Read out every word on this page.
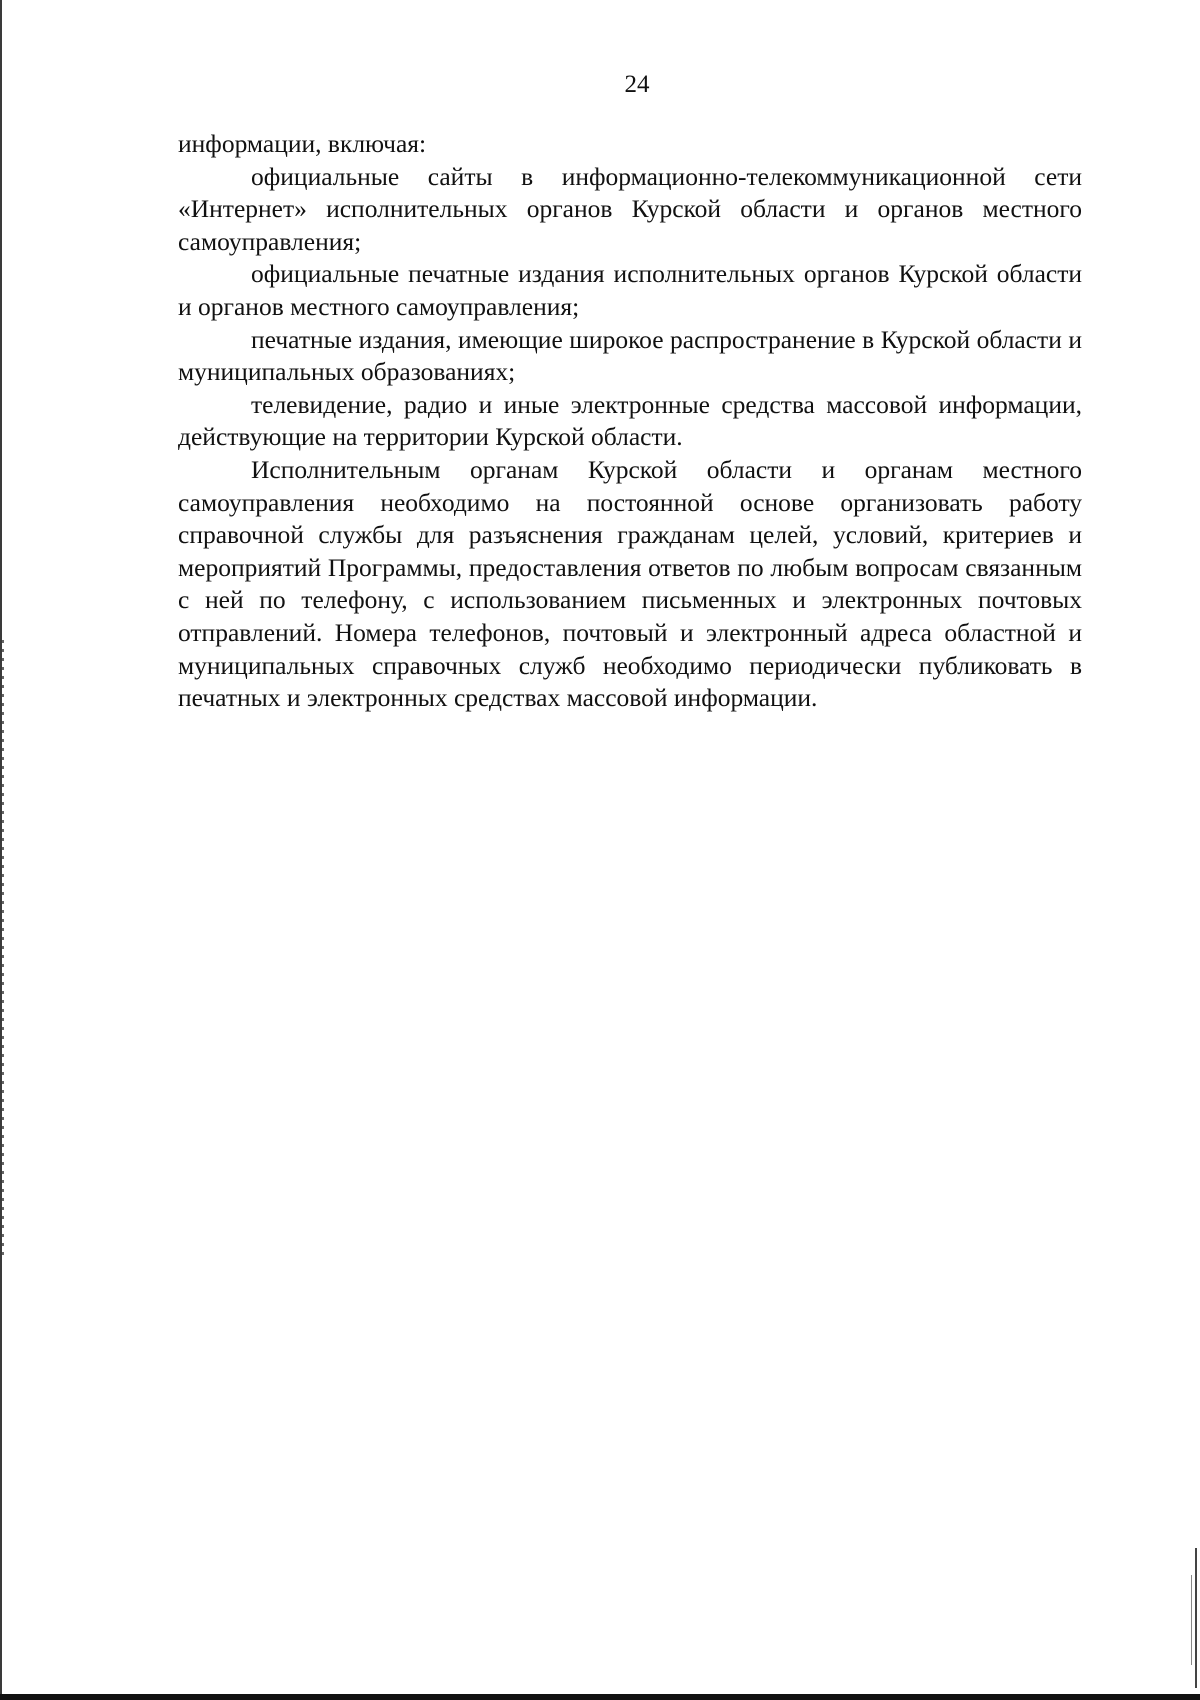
24

информации, включая:

официальные сайты в информационно-телекоммуникационной сети «Интернет» исполнительных органов Курской области и органов местного самоуправления;

официальные печатные издания исполнительных органов Курской области и органов местного самоуправления;

печатные издания, имеющие широкое распространение в Курской области и муниципальных образованиях;

телевидение, радио и иные электронные средства массовой информации, действующие на территории Курской области.

Исполнительным органам Курской области и органам местного самоуправления необходимо на постоянной основе организовать работу справочной службы для разъяснения гражданам целей, условий, критериев и мероприятий Программы, предоставления ответов по любым вопросам связанным с ней по телефону, с использованием письменных и электронных почтовых отправлений. Номера телефонов, почтовый и электронный адреса областной и муниципальных справочных служб необходимо периодически публиковать в печатных и электронных средствах массовой информации.
